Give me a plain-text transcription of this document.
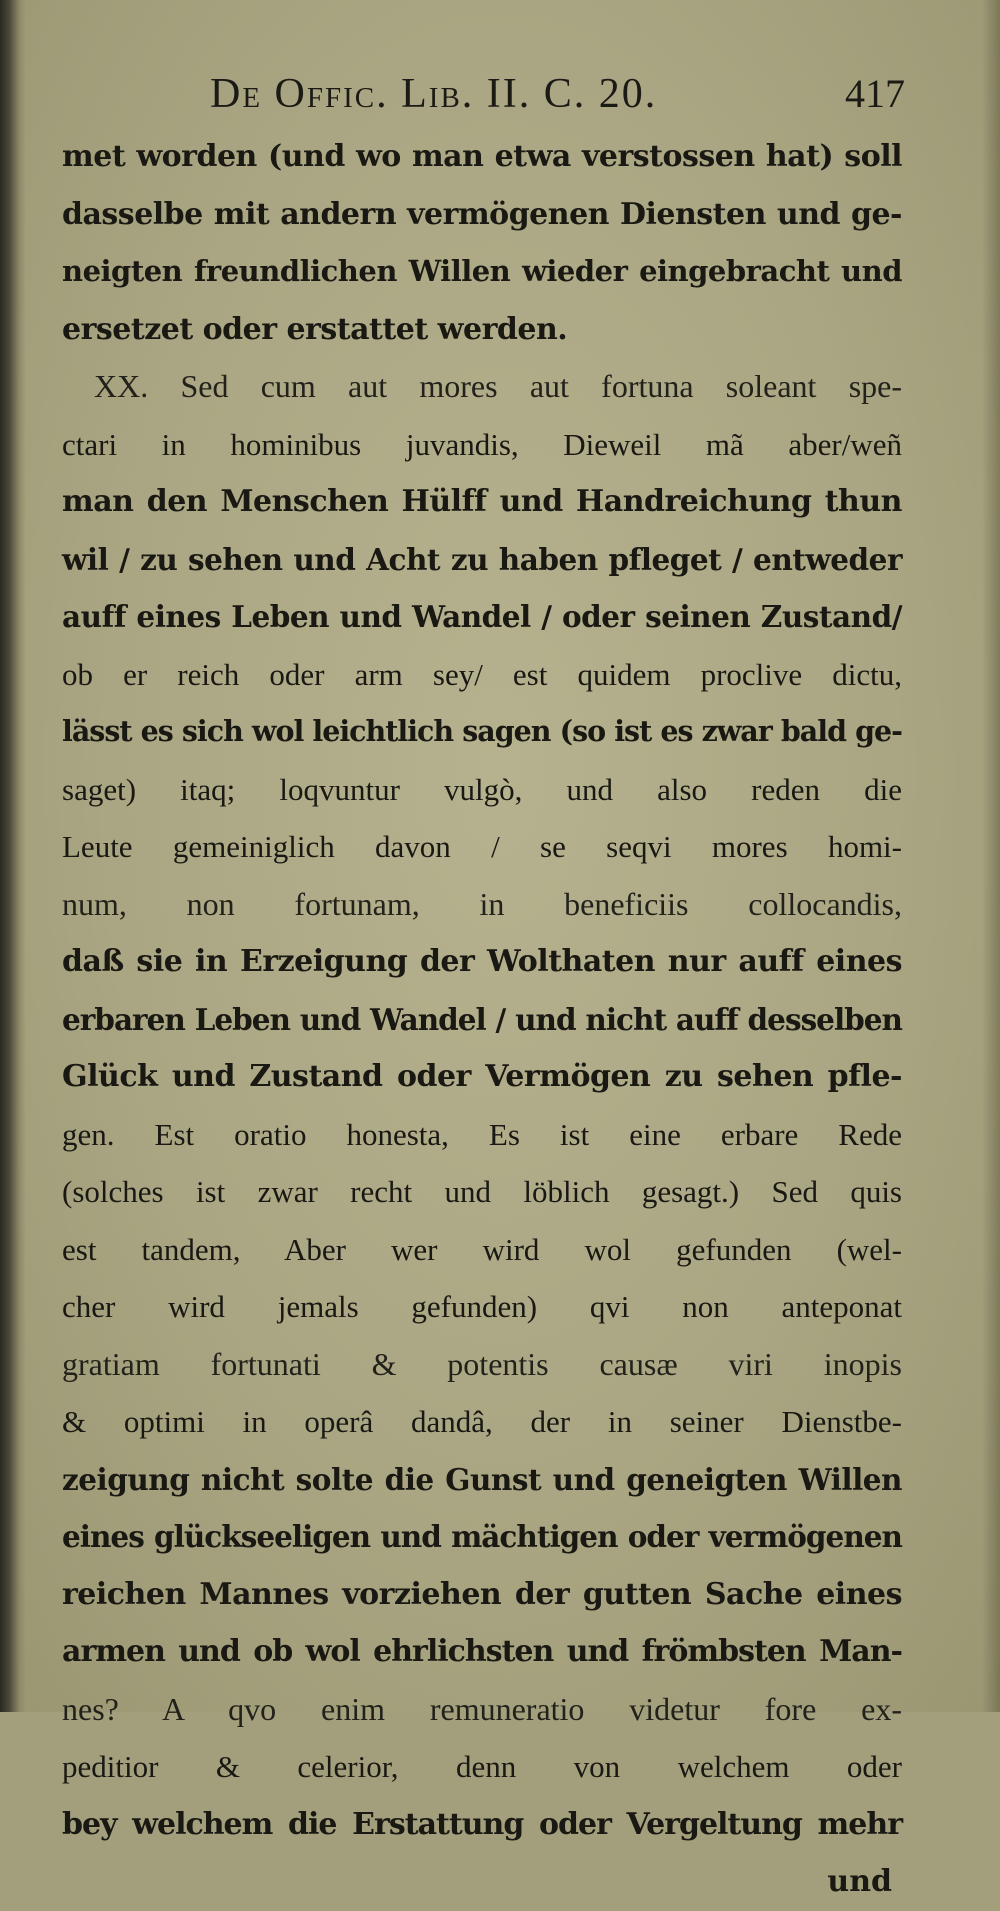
De Offic. Lib. II. C. 20.	417
met worden (und wo man etwa verstossen hat) soll
dasselbe mit andern vermögenen Diensten und ge-
neigten freundlichen Willen wieder eingebracht und
ersetzet oder erstattet werden.
XX. Sed cum aut mores aut fortuna soleant spe-
ctari in hominibus juvandis, Dieweil mã aber/weñ
man den Menschen Hülff und Handreichung thun
wil / zu sehen und Acht zu haben pfleget / entweder
auff eines Leben und Wandel / oder seinen Zustand/
ob er reich oder arm sey/ est quidem proclive dictu,
lässt es sich wol leichtlich sagen (so ist es zwar bald ge-
saget) itaq; loqvuntur vulgò, und also reden die
Leute gemeiniglich davon / se seqvi mores homi-
num, non fortunam, in beneficiis collocandis,
daß sie in Erzeigung der Wolthaten nur auff eines
erbaren Leben und Wandel / und nicht auff desselben
Glück und Zustand oder Vermögen zu sehen pfle-
gen. Est oratio honesta, Es ist eine erbare Rede
(solches ist zwar recht und löblich gesagt.) Sed quis
est tandem, Aber wer wird wol gefunden (wel-
cher wird jemals gefunden) qvi non anteponat
gratiam fortunati & potentis causæ viri inopis
& optimi in operâ dandâ, der in seiner Dienstbe-
zeigung nicht solte die Gunst und geneigten Willen
eines glückseeligen und mächtigen oder vermögenen
reichen Mannes vorziehen der gutten Sache eines
armen und ob wol ehrlichsten und frömbsten Man-
nes? A qvo enim remuneratio videtur fore ex-
peditior & celerior, denn von welchem oder
bey welchem die Erstattung oder Vergeltung mehr
und
